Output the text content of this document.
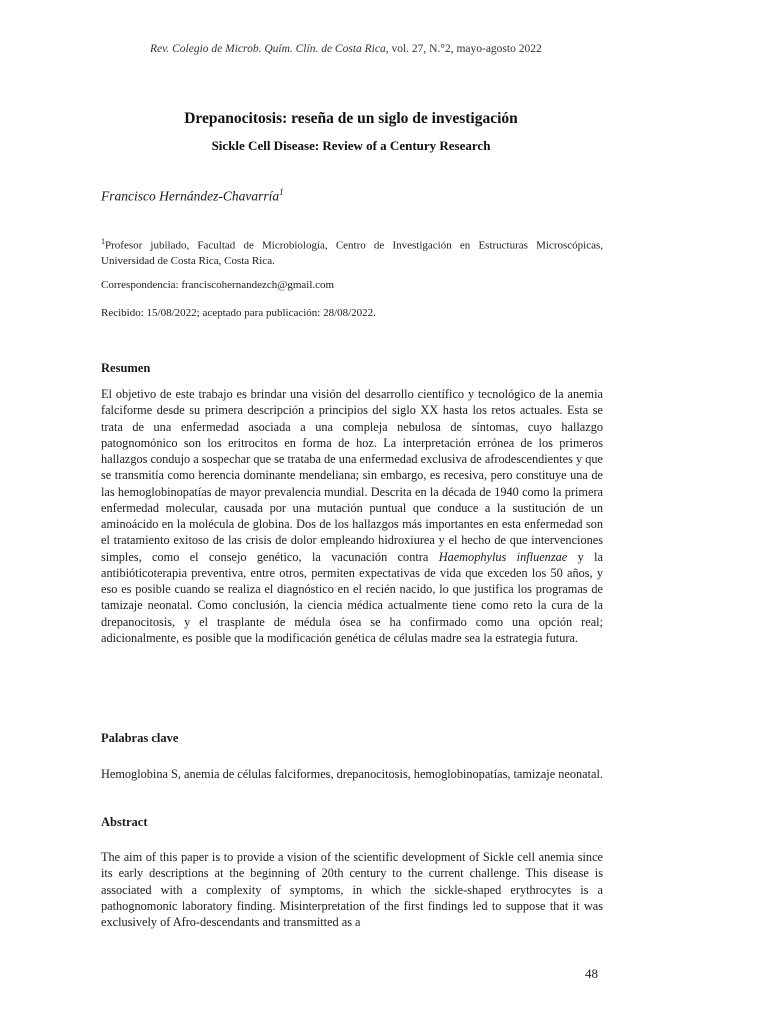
Rev. Colegio de Microb. Quím. Clín. de Costa Rica, vol. 27, N.°2, mayo-agosto 2022
Drepanocitosis: reseña de un siglo de investigación
Sickle Cell Disease: Review of a Century Research
Francisco Hernández-Chavarría$^1$
$^1$Profesor jubilado, Facultad de Microbiología, Centro de Investigación en Estructuras Microscópicas, Universidad de Costa Rica, Costa Rica.
Correspondencia: franciscohernandezch@gmail.com
Recibido: 15/08/2022; aceptado para publicación: 28/08/2022.
Resumen
El objetivo de este trabajo es brindar una visión del desarrollo científico y tecnológico de la anemia falciforme desde su primera descripción a principios del siglo XX hasta los retos actuales. Esta se trata de una enfermedad asociada a una compleja nebulosa de síntomas, cuyo hallazgo patognomónico son los eritrocitos en forma de hoz. La interpretación errónea de los primeros hallazgos condujo a sospechar que se trataba de una enfermedad exclusiva de afrodescendientes y que se transmitía como herencia dominante mendeliana; sin embargo, es recesiva, pero constituye una de las hemoglobinopatías de mayor prevalencia mundial. Descrita en la década de 1940 como la primera enfermedad molecular, causada por una mutación puntual que conduce a la sustitución de un aminoácido en la molécula de globina. Dos de los hallazgos más importantes en esta enfermedad son el tratamiento exitoso de las crisis de dolor empleando hidroxiurea y el hecho de que intervenciones simples, como el consejo genético, la vacunación contra Haemophylus influenzae y la antibióticoterapia preventiva, entre otros, permiten expectativas de vida que exceden los 50 años, y eso es posible cuando se realiza el diagnóstico en el recién nacido, lo que justifica los programas de tamizaje neonatal. Como conclusión, la ciencia médica actualmente tiene como reto la cura de la drepanocitosis, y el trasplante de médula ósea se ha confirmado como una opción real; adicionalmente, es posible que la modificación genética de células madre sea la estrategia futura.
Palabras clave
Hemoglobina S, anemia de células falciformes, drepanocitosis, hemoglobinopatías, tamizaje neonatal.
Abstract
The aim of this paper is to provide a vision of the scientific development of Sickle cell anemia since its early descriptions at the beginning of 20th century to the current challenge. This disease is associated with a complexity of symptoms, in which the sickle-shaped erythrocytes is a pathognomonic laboratory finding. Misinterpretation of the first findings led to suppose that it was exclusively of Afro-descendants and transmitted as a
48
